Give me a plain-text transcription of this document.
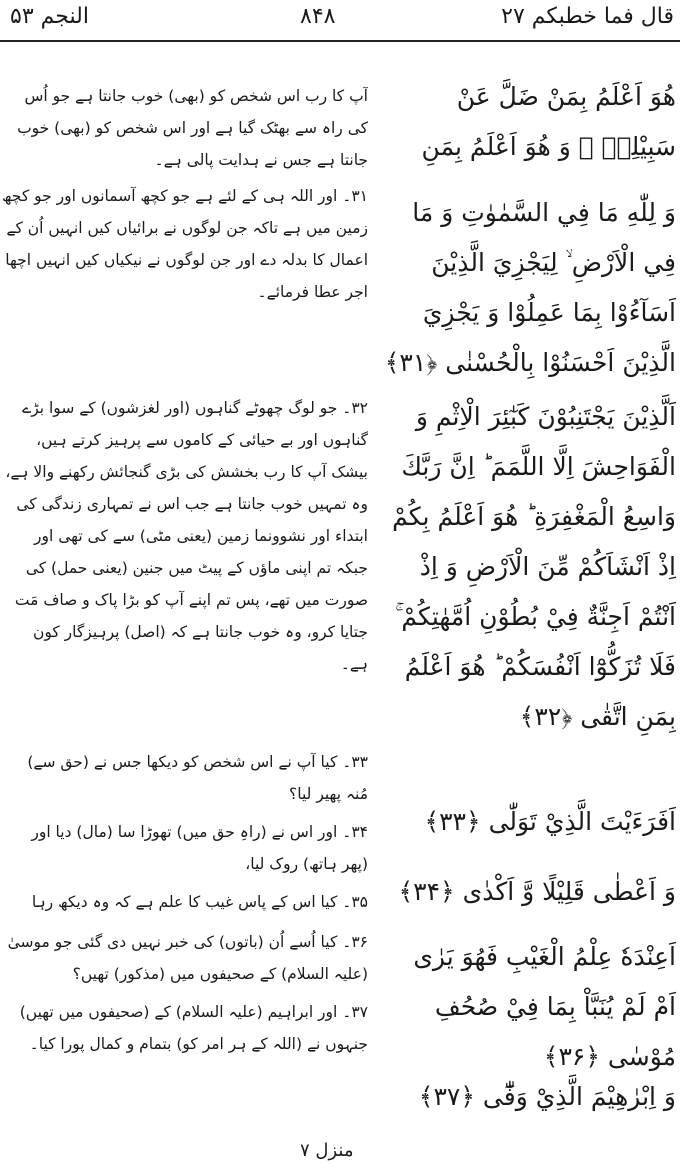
النجم ۵۳	۸۴۸	قال فما خطبكم ۲۷

آپ کا رب اس شخص کو (بھی) خوب جانتا ہے جو اُس کی راہ سے بھٹک گیا ہے اور اس شخص کو (بھی) خوب جانتا ہے جس نے ہدایت پالی ہے۔

۳۱۔ اور اللہ ہی کے لئے ہے جو کچھ آسمانوں اور جو کچھ زمین میں ہے تاکہ جن لوگوں نے برائیاں کیں انہیں اُن کے اعمال کا بدلہ دے اور جن لوگوں نے نیکیاں کیں انہیں اچھا اجر عطا فرمائے۔

۳۲۔ جو لوگ چھوٹے گناہوں (اور لغزشوں) کے سوا بڑے گناہوں اور بے حیائی کے کاموں سے پرہیز کرتے ہیں، بیشک آپ کا رب بخشش کی بڑی گنجائش رکھنے والا ہے، وہ تمہیں خوب جانتا ہے جب اس نے تمہاری زندگی کی ابتداء اور نشوونما زمین (یعنی مٹی) سے کی تھی اور جبکہ تم اپنی ماؤں کے پیٹ میں جنین (یعنی حمل) کی صورت میں تھے، پس تم اپنے آپ کو بڑا پاک و صاف مَت جتایا کرو، وہ خوب جانتا ہے کہ (اصل) پرہیزگار کون ہے۔

۳۳۔ کیا آپ نے اس شخص کو دیکھا جس نے (حق سے) مُنہ پھیر لیا؟

۳۴۔ اور اس نے (راہِ حق میں) تھوڑا سا (مال) دیا اور (پھر ہاتھ) روک لیا،

۳۵۔ کیا اس کے پاس غیب کا علم ہے کہ وہ دیکھ رہا

۳۶۔ کیا اُسے اُن (باتوں) کی خبر نہیں دی گئی جو موسیٰ (علیہ السلام) کے صحیفوں میں (مذکور) تھیں؟

۳۷۔ اور ابراہیم (علیہ السلام) کے (صحیفوں میں تھیں) جنہوں نے (اللہ کے ہر امر کو) بتمام و کمال پورا کیا۔

هُوَ اَعْلَمُ بِمَنْ ضَلَّ عَنْ سَبِيْلِهٖ ۙ وَ هُوَ اَعْلَمُ بِمَنِ

وَ لِلّٰهِ مَا فِي السَّمٰوٰتِ وَ مَا فِي الْاَرْضِ ۙ لِيَجْزِيَ الَّذِيْنَ اَسَآءُوْا بِمَا عَمِلُوْا وَ يَجْزِيَ الَّذِيْنَ اَحْسَنُوْا بِالْحُسْنٰى ﴿۳۱﴾

اَلَّذِيْنَ يَجْتَنِبُوْنَ كَبٰٓئِرَ الْاِثْمِ وَ الْفَوَاحِشَ اِلَّا اللَّمَمَ ؕ اِنَّ رَبَّكَ وَاسِعُ الْمَغْفِرَةِ ؕ هُوَ اَعْلَمُ بِكُمْ اِذْ اَنْشَاَكُمْ مِّنَ الْاَرْضِ وَ اِذْ اَنْتُمْ اَجِنَّةٌ فِيْ بُطُوْنِ اُمَّهٰتِكُمْ ۚ فَلَا تُزَكُّوْٓا اَنْفُسَكُمْ ؕ هُوَ اَعْلَمُ بِمَنِ اتَّقٰى ﴿۳۲﴾

اَفَرَءَيْتَ الَّذِيْ تَوَلّٰى ﴿۳۳﴾

وَ اَعْطٰى قَلِيْلًا وَّ اَكْدٰى ﴿۳۴﴾

اَعِنْدَهٗ عِلْمُ الْغَيْبِ فَهُوَ يَرٰى

اَمْ لَمْ يُنَبَّاْ بِمَا فِيْ صُحُفِ مُوْسٰى ﴿۳۶﴾

وَ اِبْرٰهِيْمَ الَّذِيْ وَفّٰٓى ﴿۳۷﴾

منزل ۷
